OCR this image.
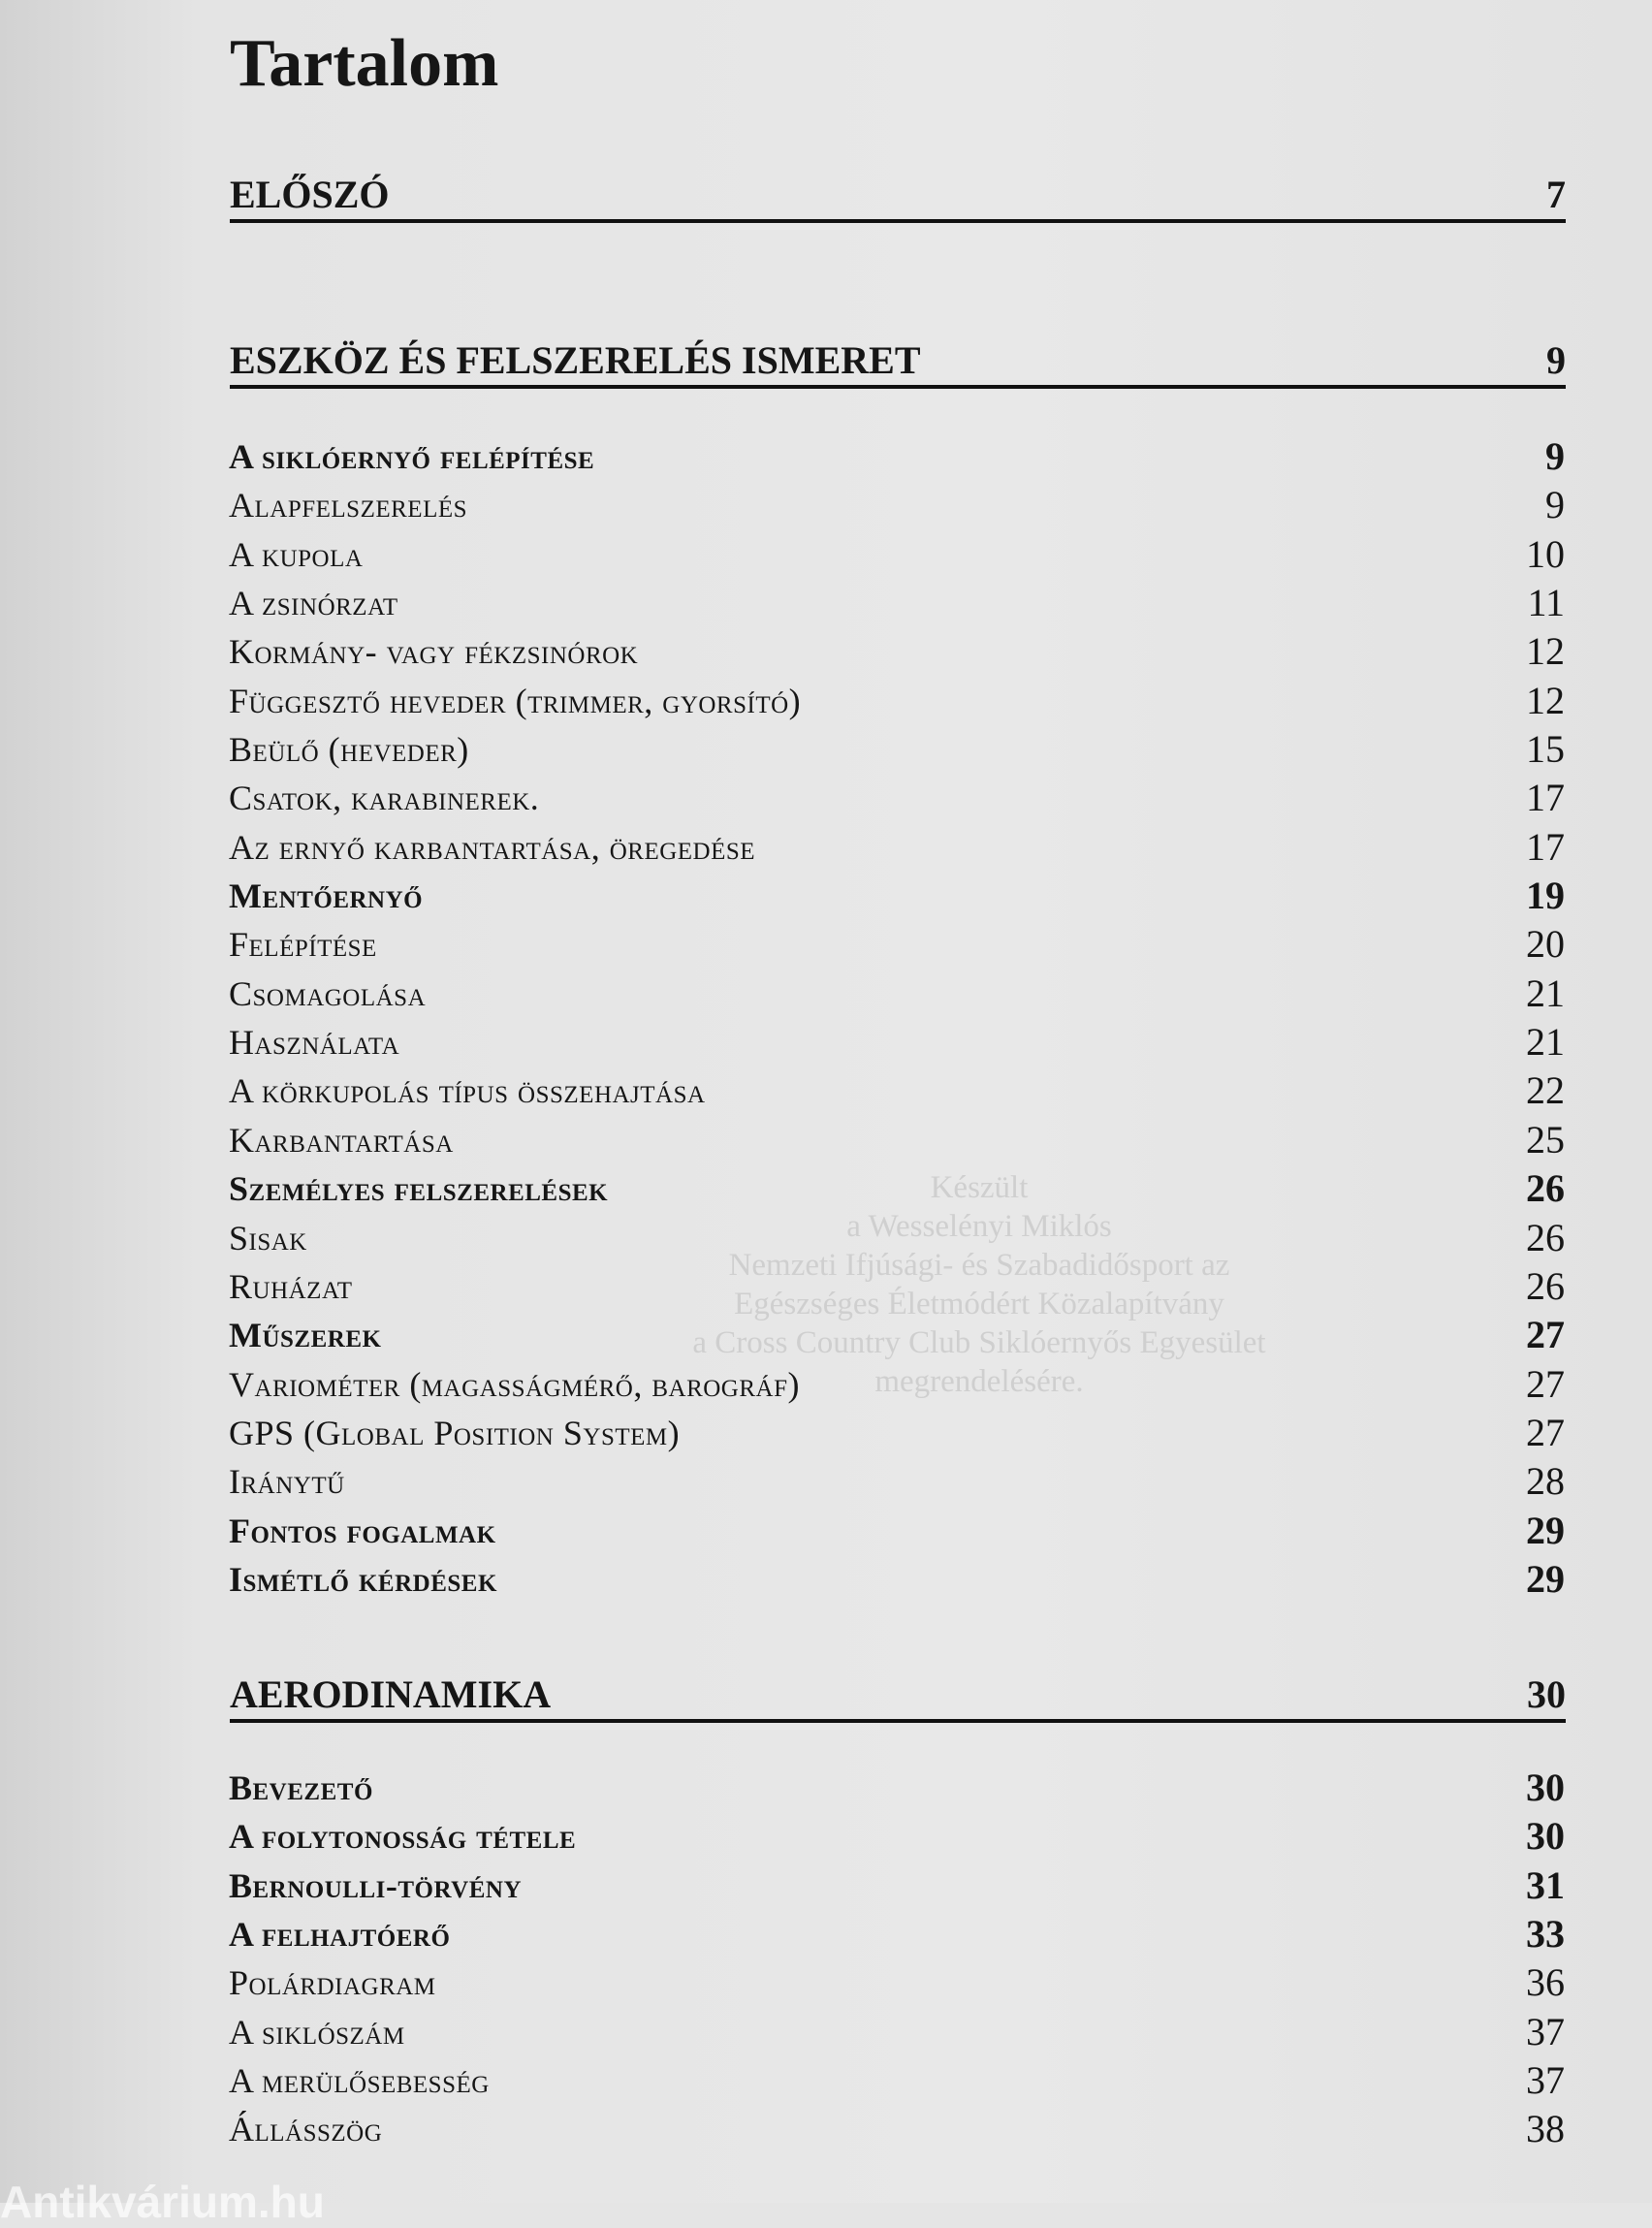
Készült
a Wesselényi Miklós
Nemzeti Ifjúsági- és Szabadidősport az
Egészséges Életmódért Közalapítvány
a Cross Country Club Siklóernyős Egyesület
megrendelésére.
Tartalom
ELŐSZÓ	7
ESZKÖZ ÉS FELSZERELÉS ISMERET	9
A siklóernyő felépítése	9
Alapfelszerelés	9
A kupola	10
A zsinórzat	11
Kormány- vagy fékzsinórok	12
Függesztő heveder (trimmer, gyorsító)	12
Beülő (heveder)	15
Csatok, karabinerek.	17
Az ernyő karbantartása, öregedése	17
Mentőernyő	19
Felépítése	20
Csomagolása	21
Használata	21
A körkupolás típus összehajtása	22
Karbantartása	25
Személyes felszerelések	26
Sisak	26
Ruházat	26
Műszerek	27
Variométer (magasságmérő, barográf)	27
GPS (Global Position System)	27
Iránytű	28
Fontos fogalmak	29
Ismétlő kérdések	29
AERODINAMIKA	30
Bevezető	30
A folytonosság tétele	30
Bernoulli-törvény	31
A felhajtóerő	33
Polárdiagram	36
A siklószám	37
A merülősebesség	37
Állásszög	38
Antikvárium.hu
